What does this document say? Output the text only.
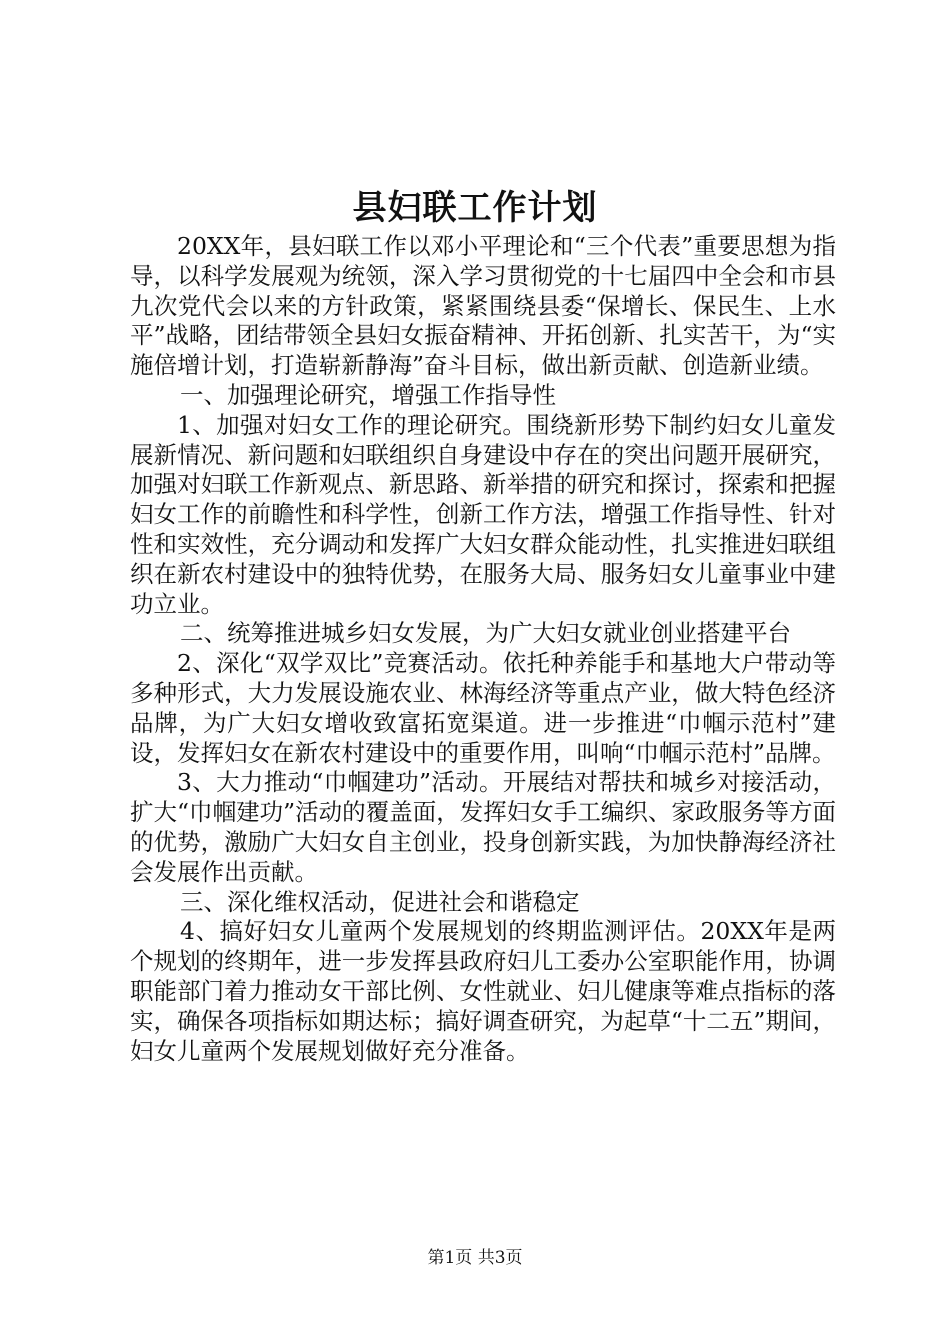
县妇联工作计划

20XX年，县妇联工作以邓小平理论和“三个代表”重要思想为指导，以科学发展观为统领，深入学习贯彻党的十七届四中全会和市县九次党代会以来的方针政策，紧紧围绕县委“保增长、保民生、上水平”战略，团结带领全县妇女振奋精神、开拓创新、扎实苦干，为“实施倍增计划，打造崭新静海”奋斗目标，做出新贡献、创造新业绩。

一、加强理论研究，增强工作指导性

1、加强对妇女工作的理论研究。围绕新形势下制约妇女儿童发展新情况、新问题和妇联组织自身建设中存在的突出问题开展研究，加强对妇联工作新观点、新思路、新举措的研究和探讨，探索和把握妇女工作的前瞻性和科学性，创新工作方法，增强工作指导性、针对性和实效性，充分调动和发挥广大妇女群众能动性，扎实推进妇联组织在新农村建设中的独特优势，在服务大局、服务妇女儿童事业中建功立业。

二、统筹推进城乡妇女发展，为广大妇女就业创业搭建平台

2、深化“双学双比”竞赛活动。依托种养能手和基地大户带动等多种形式，大力发展设施农业、林海经济等重点产业，做大特色经济品牌，为广大妇女增收致富拓宽渠道。进一步推进“巾帼示范村”建设，发挥妇女在新农村建设中的重要作用，叫响“巾帼示范村”品牌。

3、大力推动“巾帼建功”活动。开展结对帮扶和城乡对接活动，扩大“巾帼建功”活动的覆盖面，发挥妇女手工编织、家政服务等方面的优势，激励广大妇女自主创业，投身创新实践，为加快静海经济社会发展作出贡献。

三、深化维权活动，促进社会和谐稳定

4、搞好妇女儿童两个发展规划的终期监测评估。20XX年是两个规划的终期年，进一步发挥县政府妇儿工委办公室职能作用，协调职能部门着力推动女干部比例、女性就业、妇儿健康等难点指标的落实，确保各项指标如期达标；搞好调查研究，为起草“十二五”期间，妇女儿童两个发展规划做好充分准备。

第1页 共3页
